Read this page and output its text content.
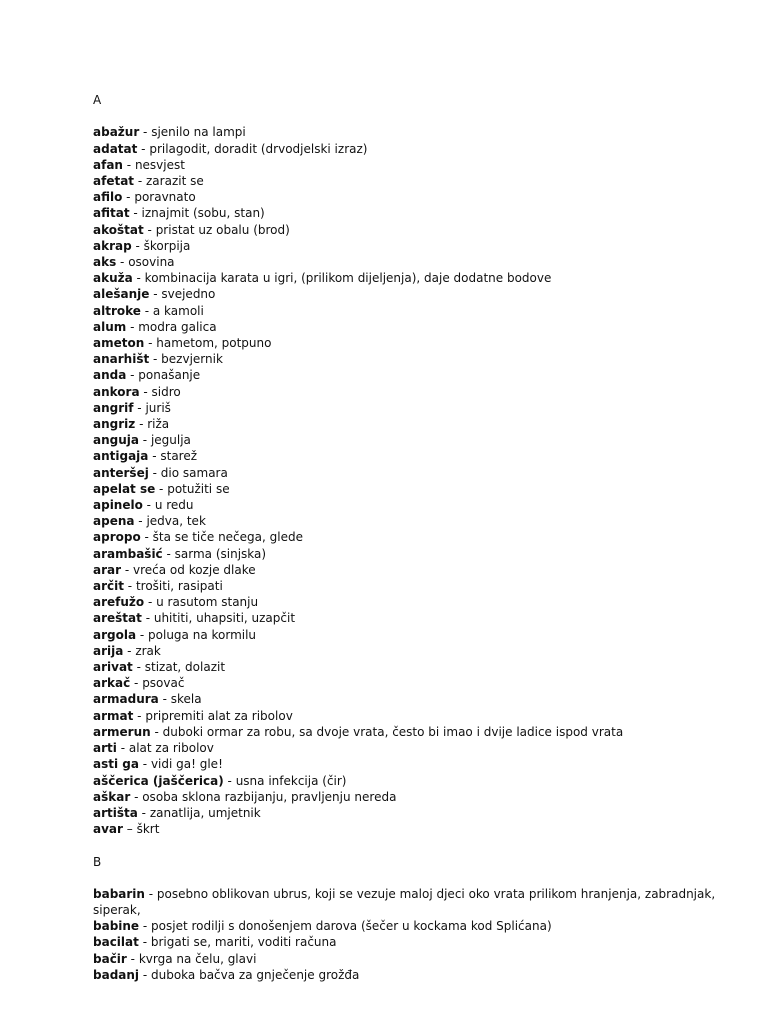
A

abažur - sjenilo na lampi

adatat - prilagodit, doradit (drvodjelski izraz)

afan - nesvjest

afetat - zarazit se

afilo - poravnato

afitat - iznajmit (sobu, stan)

akoštat - pristat uz obalu (brod)

akrap - škorpija

aks - osovina

akuža - kombinacija karata u igri, (prilikom dijeljenja), daje dodatne bodove

alešanje - svejedno

altroke - a kamoli

alum - modra galica

ameton - hametom, potpuno

anarhišt - bezvjernik

anda - ponašanje

ankora - sidro

angrif - juriš

angriz - riža

anguja - jegulja

antigaja - starež

anteršej - dio samara

apelat se - potužiti se

apinelo - u redu

apena - jedva, tek

apropo - šta se tiče nečega, glede

arambašić - sarma (sinjska)

arar - vreća od kozje dlake

arčit - trošiti, rasipati

arefužo - u rasutom stanju

areštat - uhititi, uhapsiti, uzapčit

argola - poluga na kormilu

arija - zrak

arivat - stizat, dolazit

arkač - psovač

armadura - skela

armat - pripremiti alat za ribolov

armerun - duboki ormar za robu, sa dvoje vrata, često bi imao i dvije ladice ispod vrata

arti - alat za ribolov

asti ga - vidi ga! gle!

aščerica (jaščerica) - usna infekcija (čir)

aškar - osoba sklona razbijanju, pravljenju nereda

artišta - zanatlija, umjetnik

avar – škrt

B

babarin - posebno oblikovan ubrus, koji se vezuje maloj djeci oko vrata prilikom hranjenja, zabradnjak, siperak,

babine - posjet rodilji s donošenjem darova (šečer u kockama kod Splićana)

bacilat - brigati se, mariti, voditi računa

bačir - kvrga na čelu, glavi

badanj - duboka bačva za gnječenje grožđa
